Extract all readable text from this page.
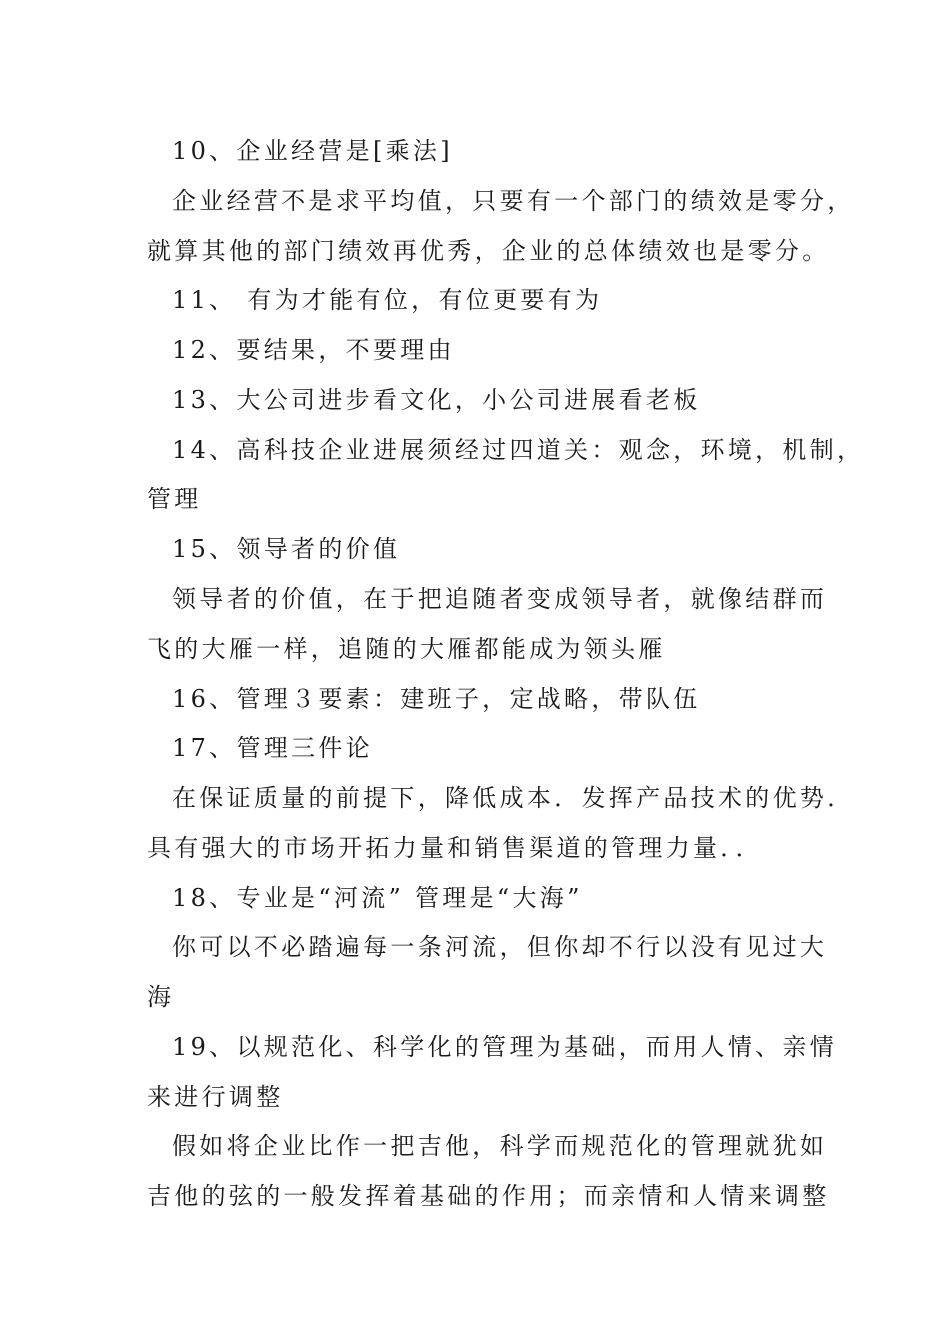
10、企业经营是[乘法]
企业经营不是求平均值，只要有一个部门的绩效是零分，
就算其他的部门绩效再优秀，企业的总体绩效也是零分。
11、 有为才能有位，有位更要有为
12、要结果，不要理由
13、大公司进步看文化，小公司进展看老板
14、高科技企业进展须经过四道关：观念，环境，机制，
管理
15、领导者的价值
领导者的价值，在于把追随者变成领导者，就像结群而
飞的大雁一样，追随的大雁都能成为领头雁
16、管理３要素：建班子，定战略，带队伍
17、管理三件论
在保证质量的前提下，降低成本．发挥产品技术的优势．
具有强大的市场开拓力量和销售渠道的管理力量．．
18、专业是“河流” 管理是“大海”
你可以不必踏遍每一条河流，但你却不行以没有见过大
海
19、以规范化、科学化的管理为基础，而用人情、亲情
来进行调整
假如将企业比作一把吉他，科学而规范化的管理就犹如
吉他的弦的一般发挥着基础的作用；而亲情和人情来调整
